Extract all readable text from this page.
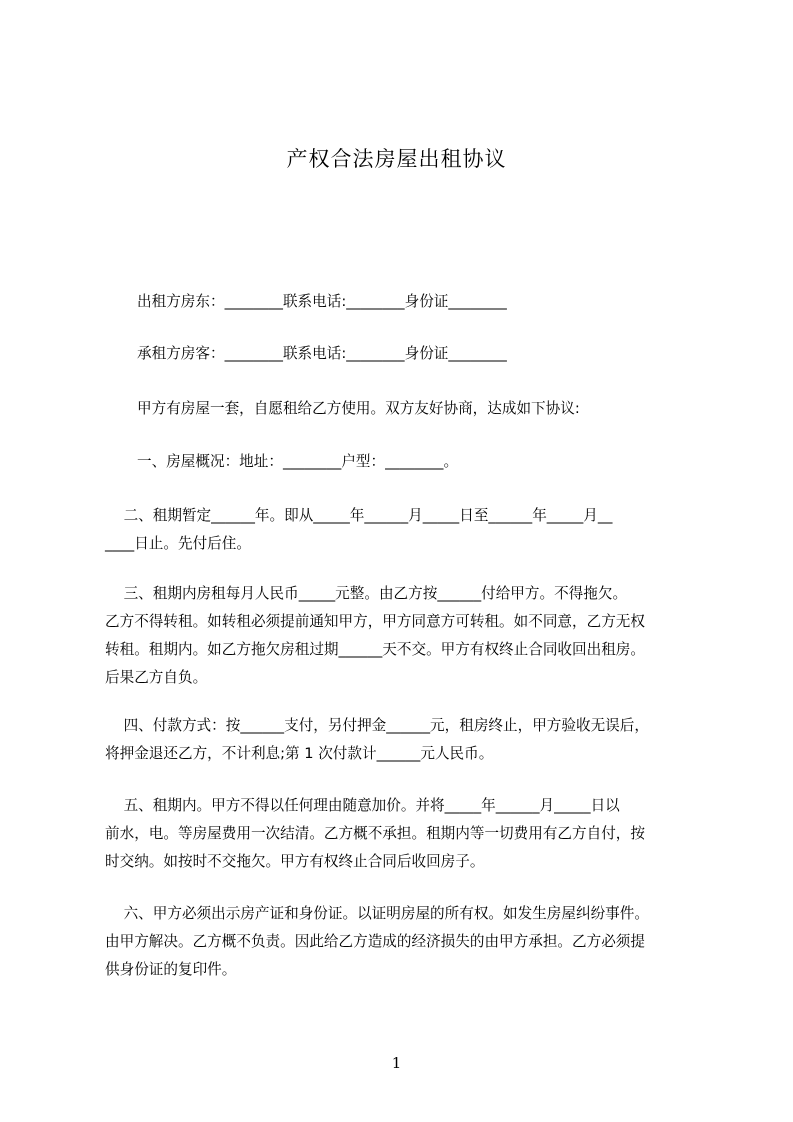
产权合法房屋出租协议
出租方房东：________联系电话:________身份证________
承租方房客：________联系电话:________身份证________
甲方有房屋一套，自愿租给乙方使用。双方友好协商，达成如下协议:
一、房屋概况：地址：________户型：________。
二、租期暂定______年。即从_____年______月_____日至______年_____月__
____日止。先付后住。
三、租期内房租每月人民币_____元整。由乙方按______付给甲方。不得拖欠。
乙方不得转租。如转租必须提前通知甲方，甲方同意方可转租。如不同意，乙方无权
转租。租期内。如乙方拖欠房租过期______天不交。甲方有权终止合同收回出租房。
后果乙方自负。
四、付款方式：按______支付，另付押金______元，租房终止，甲方验收无误后，
将押金退还乙方，不计利息;第 1 次付款计______元人民币。
五、租期内。甲方不得以任何理由随意加价。并将_____年______月_____日以
前水，电。等房屋费用一次结清。乙方概不承担。租期内等一切费用有乙方自付，按
时交纳。如按时不交拖欠。甲方有权终止合同后收回房子。
六、甲方必须出示房产证和身份证。以证明房屋的所有权。如发生房屋纠纷事件。
由甲方解决。乙方概不负责。因此给乙方造成的经济损失的由甲方承担。乙方必须提
供身份证的复印件。
1
